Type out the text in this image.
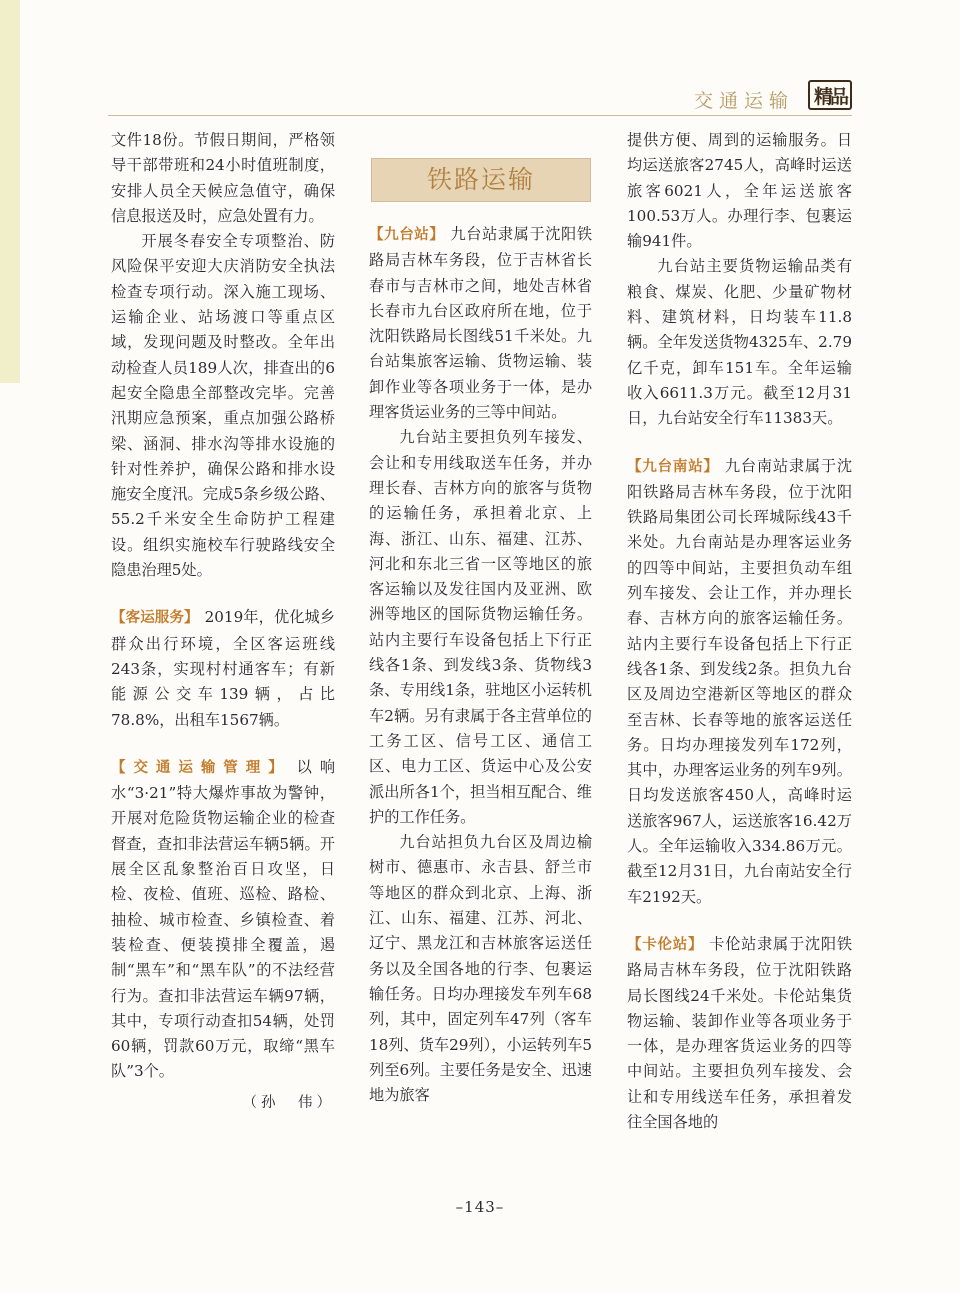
交通运输	精品

文件18份。节假日期间，严格领导干部带班和24小时值班制度，安排人员全天候应急值守，确保信息报送及时，应急处置有力。

开展冬春安全专项整治、防风险保平安迎大庆消防安全执法检查专项行动。深入施工现场、运输企业、站场渡口等重点区域，发现问题及时整改。全年出动检查人员189人次，排查出的6起安全隐患全部整改完毕。完善汛期应急预案，重点加强公路桥梁、涵洞、排水沟等排水设施的针对性养护，确保公路和排水设施安全度汛。完成5条乡级公路、55.2千米安全生命防护工程建设。组织实施校车行驶路线安全隐患治理5处。

【客运服务】 2019年，优化城乡群众出行环境，全区客运班线243条，实现村村通客车；有新能源公交车139辆，占比78.8%，出租车1567辆。

【交通运输管理】 以响水“3·21”特大爆炸事故为警钟，开展对危险货物运输企业的检查督查，查扣非法营运车辆5辆。开展全区乱象整治百日攻坚，日检、夜检、值班、巡检、路检、抽检、城市检查、乡镇检查、着装检查、便装摸排全覆盖，遏制“黑车”和“黑车队”的不法经营行为。查扣非法营运车辆97辆，其中，专项行动查扣54辆，处罚60辆，罚款60万元，取缔“黑车队”3个。

（孙　伟）
铁路运输

【九台站】 九台站隶属于沈阳铁路局吉林车务段，位于吉林省长春市与吉林市之间，地处吉林省长春市九台区政府所在地，位于沈阳铁路局长图线51千米处。九台站集旅客运输、货物运输、装卸作业等各项业务于一体，是办理客货运业务的三等中间站。

九台站主要担负列车接发、会让和专用线取送车任务，并办理长春、吉林方向的旅客与货物的运输任务，承担着北京、上海、浙江、山东、福建、江苏、河北和东北三省一区等地区的旅客运输以及发往国内及亚洲、欧洲等地区的国际货物运输任务。站内主要行车设备包括上下行正线各1条、到发线3条、货物线3条、专用线1条，驻地区小运转机车2辆。另有隶属于各主营单位的工务工区、信号工区、通信工区、电力工区、货运中心及公安派出所各1个，担当相互配合、维护的工作任务。

九台站担负九台区及周边榆树市、德惠市、永吉县、舒兰市等地区的群众到北京、上海、浙江、山东、福建、江苏、河北、辽宁、黑龙江和吉林旅客运送任务以及全国各地的行李、包裹运输任务。日均办理接发车列车68列，其中，固定列车47列（客车18列、货车29列），小运转列车5列至6列。主要任务是安全、迅速地为旅客

提供方便、周到的运输服务。日均运送旅客2745人，高峰时运送旅客6021人，全年运送旅客100.53万人。办理行李、包裹运输941件。

九台站主要货物运输品类有粮食、煤炭、化肥、少量矿物材料、建筑材料，日均装车11.8辆。全年发送货物4325车、2.79亿千克，卸车151车。全年运输收入6611.3万元。截至12月31日，九台站安全行车11383天。

【九台南站】 九台南站隶属于沈阳铁路局吉林车务段，位于沈阳铁路局集团公司长珲城际线43千米处。九台南站是办理客运业务的四等中间站，主要担负动车组列车接发、会让工作，并办理长春、吉林方向的旅客运输任务。站内主要行车设备包括上下行正线各1条、到发线2条。担负九台区及周边空港新区等地区的群众至吉林、长春等地的旅客运送任务。日均办理接发列车172列，其中，办理客运业务的列车9列。日均发送旅客450人，高峰时运送旅客967人，运送旅客16.42万人。全年运输收入334.86万元。截至12月31日，九台南站安全行车2192天。

【卡伦站】 卡伦站隶属于沈阳铁路局吉林车务段，位于沈阳铁路局长图线24千米处。卡伦站集货物运输、装卸作业等各项业务于一体，是办理客货运业务的四等中间站。主要担负列车接发、会让和专用线送车任务，承担着发往全国各地的

–143–
